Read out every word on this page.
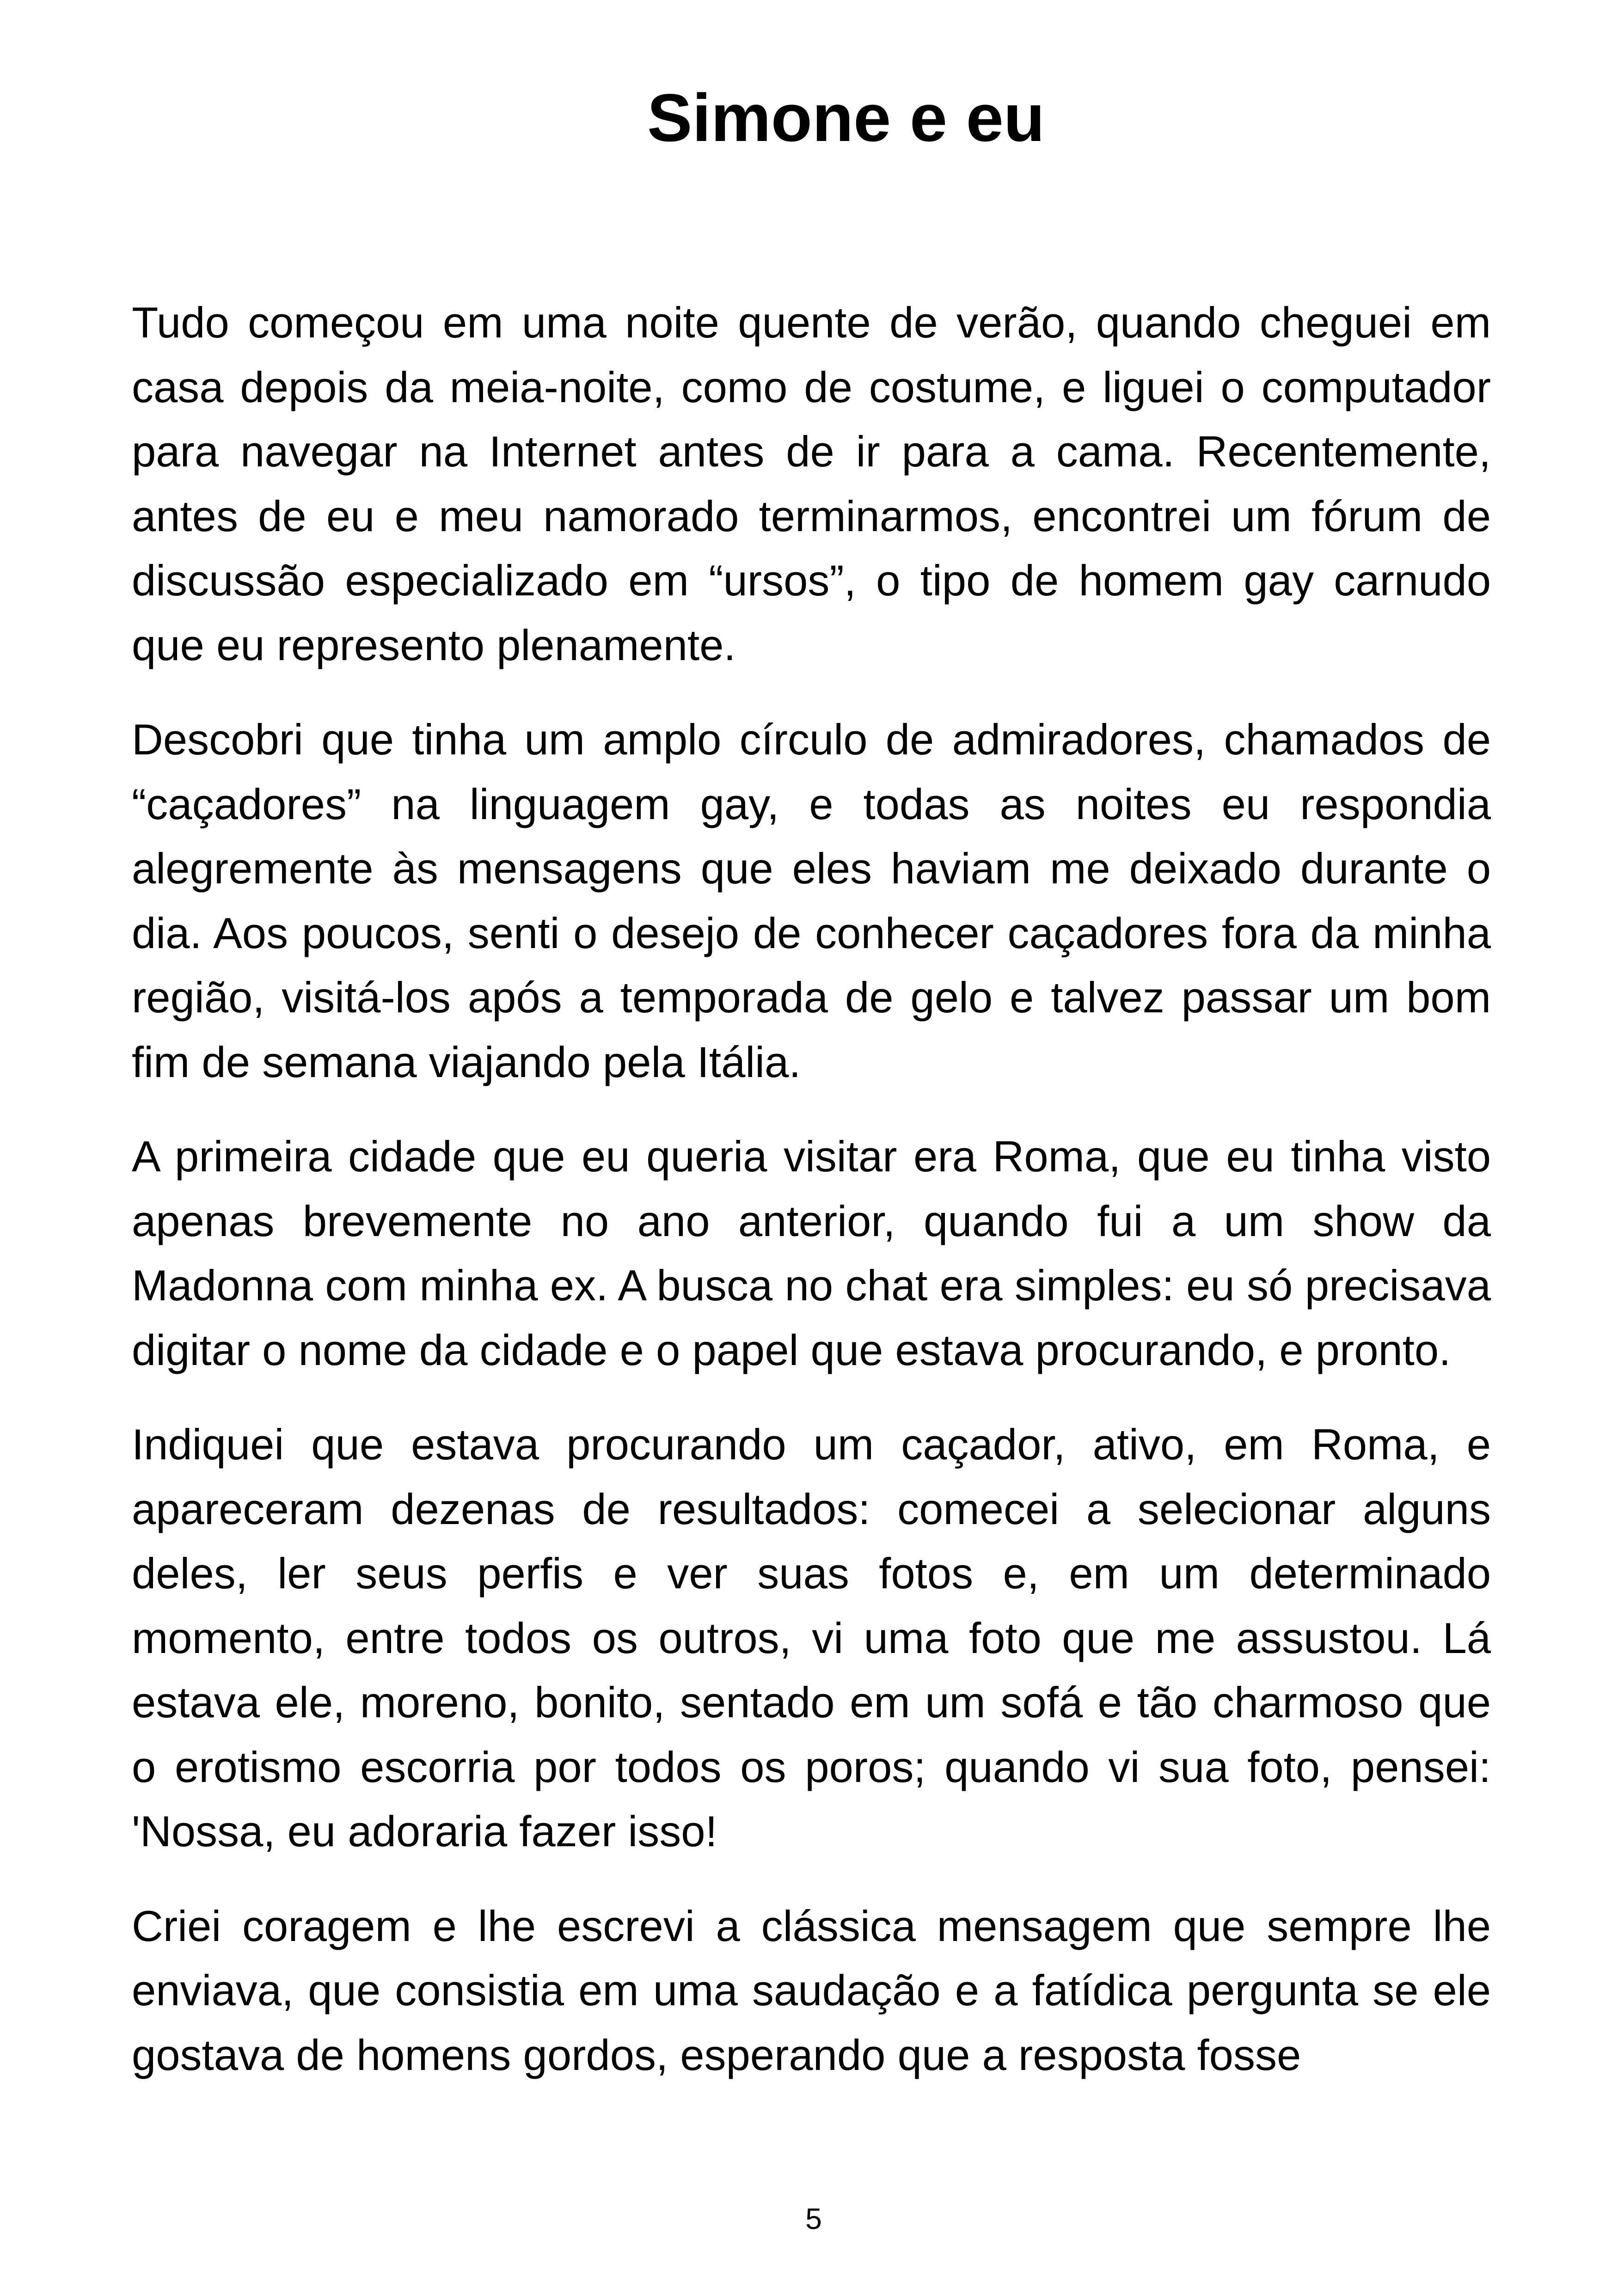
Simone e eu

Tudo começou em uma noite quente de verão, quando cheguei em casa depois da meia-noite, como de costume, e liguei o computador para navegar na Internet antes de ir para a cama. Recentemente, antes de eu e meu namorado terminarmos, encontrei um fórum de discussão especializado em “ursos”, o tipo de homem gay carnudo que eu represento plenamente.

Descobri que tinha um amplo círculo de admiradores, chamados de “caçadores” na linguagem gay, e todas as noites eu respondia alegremente às mensagens que eles haviam me deixado durante o dia. Aos poucos, senti o desejo de conhecer caçadores fora da minha região, visitá-los após a temporada de gelo e talvez passar um bom fim de semana viajando pela Itália.

A primeira cidade que eu queria visitar era Roma, que eu tinha visto apenas brevemente no ano anterior, quando fui a um show da Madonna com minha ex. A busca no chat era simples: eu só precisava digitar o nome da cidade e o papel que estava procurando, e pronto.

Indiquei que estava procurando um caçador, ativo, em Roma, e apareceram dezenas de resultados: comecei a selecionar alguns deles, ler seus perfis e ver suas fotos e, em um determinado momento, entre todos os outros, vi uma foto que me assustou. Lá estava ele, moreno, bonito, sentado em um sofá e tão charmoso que o erotismo escorria por todos os poros; quando vi sua foto, pensei: 'Nossa, eu adoraria fazer isso!

Criei coragem e lhe escrevi a clássica mensagem que sempre lhe enviava, que consistia em uma saudação e a fatídica pergunta se ele gostava de homens gordos, esperando que a resposta fosse

5
